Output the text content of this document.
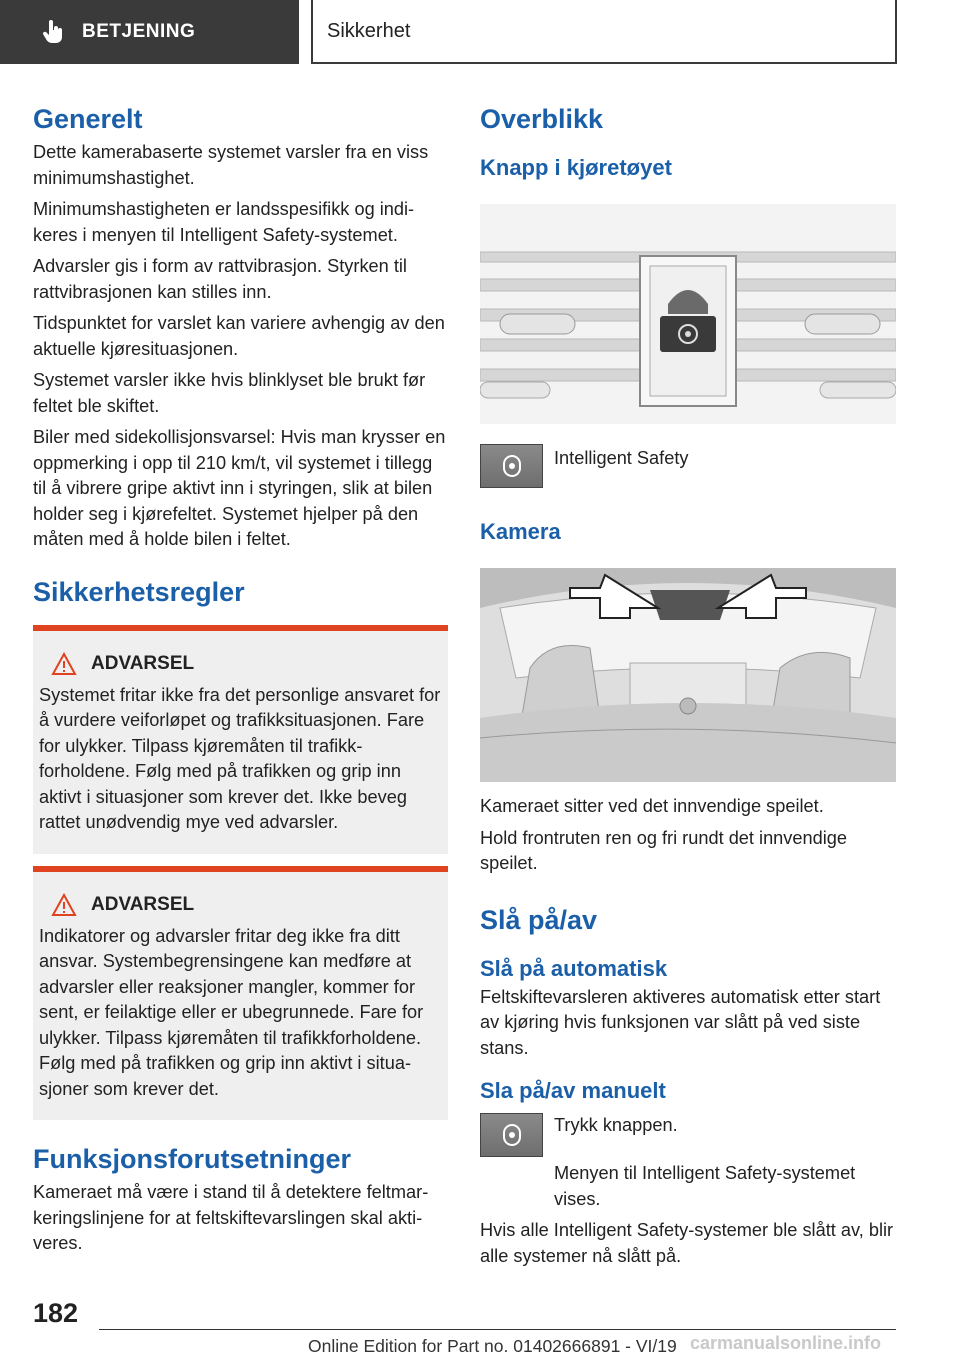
BETJENING	Sikkerhet
Generelt
Dette kamerabaserte systemet varsler fra en viss minimumshastighet.
Minimumshastigheten er landsspesifikk og indikeres i menyen til Intelligent Safety-systemet.
Advarsler gis i form av rattvibrasjon. Styrken til rattvibrasjonen kan stilles inn.
Tidspunktet for varslet kan variere avhengig av den aktuelle kjøresituasjonen.
Systemet varsler ikke hvis blinklyset ble brukt før feltet ble skiftet.
Biler med sidekollisjonsvarsel: Hvis man krysser en oppmerking i opp til 210 km/t, vil systemet i tillegg til å vibrere gripe aktivt inn i styringen, slik at bilen holder seg i kjørefeltet. Systemet hjelper på den måten med å holde bilen i feltet.
Sikkerhetsregler
ADVARSEL
Systemet fritar ikke fra det personlige ansvaret for å vurdere veiforløpet og trafikksituasjonen. Fare for ulykker. Tilpass kjøremåten til trafikkforholdene. Følg med på trafikken og grip inn aktivt i situasjoner som krever det. Ikke beveg rattet unødvendig mye ved advarsler.
ADVARSEL
Indikatorer og advarsler fritar deg ikke fra ditt ansvar. Systembegrensingene kan medføre at advarsler eller reaksjoner mangler, kommer for sent, er feilaktige eller er ubegrunnede. Fare for ulykker. Tilpass kjøremåten til trafikkforholdene. Følg med på trafikken og grip inn aktivt i situasjoner som krever det.
Funksjonsforutsetninger
Kameraet må være i stand til å detektere feltmarkeringslinjene for at feltskiftevarslingen skal aktiveres.
Overblikk
Knapp i kjøretøyet
Intelligent Safety
Kamera
Kameraet sitter ved det innvendige speilet.
Hold frontruten ren og fri rundt det innvendige speilet.
Slå på/av
Slå på automatisk
Feltskiftevarsleren aktiveres automatisk etter start av kjøring hvis funksjonen var slått på ved siste stans.
Sla på/av manuelt
Trykk knappen.
Menyen til Intelligent Safety-systemet vises.
Hvis alle Intelligent Safety-systemer ble slått av, blir alle systemer nå slått på.
182
Online Edition for Part no. 01402666891 - VI/19 carmanualsonline.info
